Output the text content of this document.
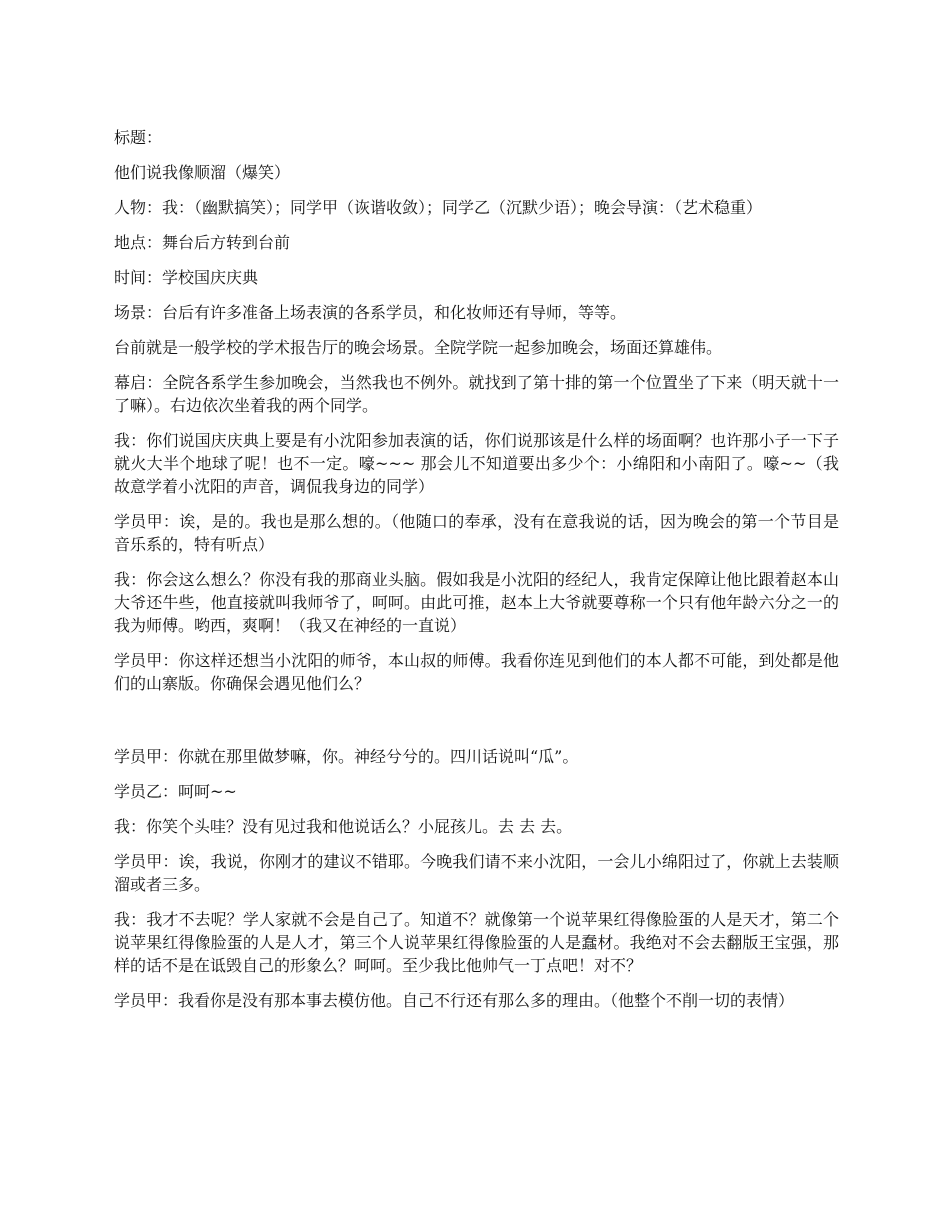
标题：

他们说我像顺溜（爆笑）

人物：我：（幽默搞笑）；同学甲（诙谐收敛）；同学乙（沉默少语）；晚会导演：（艺术稳重）

地点：舞台后方转到台前

时间：学校国庆庆典

场景：台后有许多准备上场表演的各系学员，和化妆师还有导师，等等。

台前就是一般学校的学术报告厅的晚会场景。全院学院一起参加晚会，场面还算雄伟。

幕启：全院各系学生参加晚会，当然我也不例外。就找到了第十排的第一个位置坐了下来（明天就十一了嘛）。右边依次坐着我的两个同学。

我：你们说国庆庆典上要是有小沈阳参加表演的话，你们说那该是什么样的场面啊？也许那小子一下子就火大半个地球了呢！也不一定。嚎~~~ 那会儿不知道要出多少个：小绵阳和小南阳了。嚎~~（我故意学着小沈阳的声音，调侃我身边的同学）

学员甲：诶，是的。我也是那么想的。（他随口的奉承，没有在意我说的话，因为晚会的第一个节目是音乐系的，特有听点）

我：你会这么想么？你没有我的那商业头脑。假如我是小沈阳的经纪人，我肯定保障让他比跟着赵本山大爷还牛些，他直接就叫我师爷了，呵呵。由此可推，赵本上大爷就要尊称一个只有他年龄六分之一的我为师傅。哟西，爽啊！（我又在神经的一直说）

学员甲：你这样还想当小沈阳的师爷，本山叔的师傅。我看你连见到他们的本人都不可能，到处都是他们的山寨版。你确保会遇见他们么？

学员甲：你就在那里做梦嘛，你。神经兮兮的。四川话说叫“瓜”。

学员乙：呵呵~~

我：你笑个头哇？没有见过我和他说话么？小屁孩儿。去 去 去。

学员甲：诶，我说，你刚才的建议不错耶。今晚我们请不来小沈阳，一会儿小绵阳过了，你就上去装顺溜或者三多。

我：我才不去呢？学人家就不会是自己了。知道不？就像第一个说苹果红得像脸蛋的人是天才，第二个说苹果红得像脸蛋的人是人才，第三个人说苹果红得像脸蛋的人是蠢材。我绝对不会去翻版王宝强，那样的话不是在诋毁自己的形象么？呵呵。至少我比他帅气一丁点吧！对不？

学员甲：我看你是没有那本事去模仿他。自己不行还有那么多的理由。（他整个不削一切的表情）
